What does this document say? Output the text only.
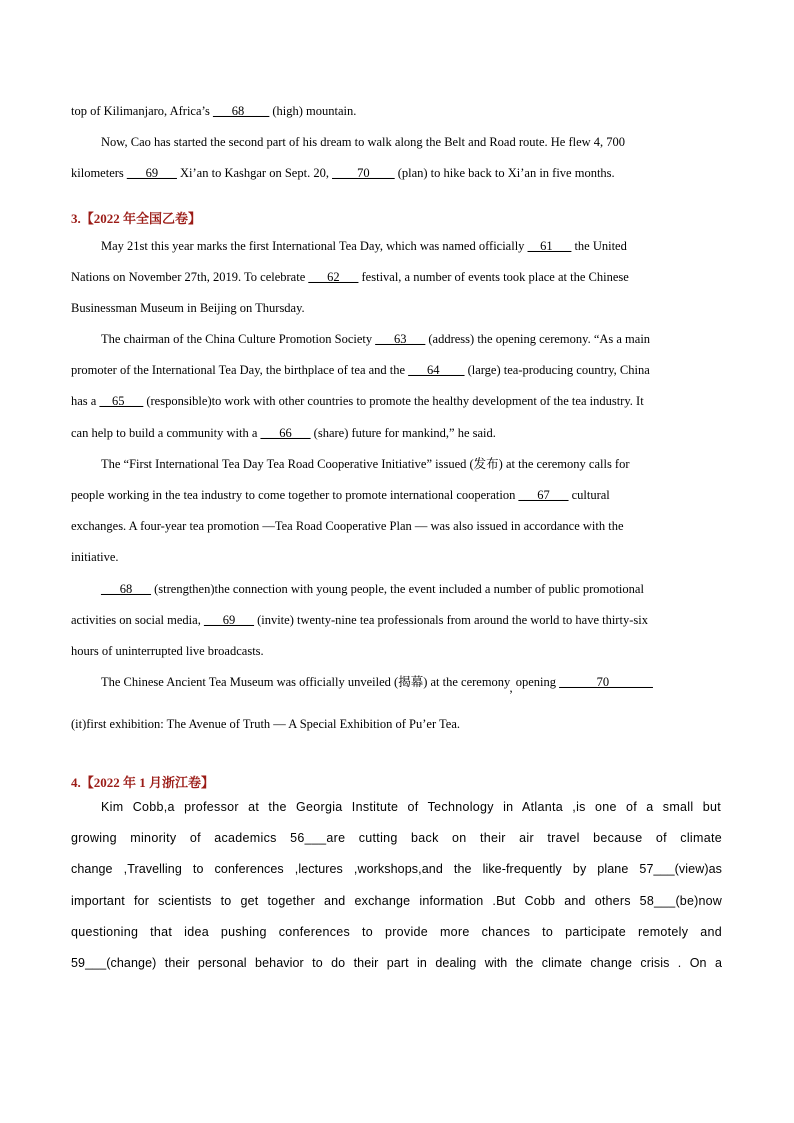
top of Kilimanjaro, Africa’s ___68____ (high) mountain.
Now, Cao has started the second part of his dream to walk along the Belt and Road route. He flew 4, 700
kilometers ___69___ Xi’an to Kashgar on Sept. 20, ____70____ (plan) to hike back to Xi’an in five months.
3.【2022 年全国乙卷】
May 21st this year marks the first International Tea Day, which was named officially __61___ the United
Nations on November 27th, 2019. To celebrate ___62___ festival, a number of events took place at the Chinese
Businessman Museum in Beijing on Thursday.
The chairman of the China Culture Promotion Society ___63___ (address) the opening ceremony. “As a main
promoter of the International Tea Day, the birthplace of tea and the ___64____ (large) tea-producing country, China
has a __65___ (responsible)to work with other countries to promote the healthy development of the tea industry. It
can help to build a community with a ___66___ (share) future for mankind,” he said.
The “First International Tea Day Tea Road Cooperative Initiative” issued (发布) at the ceremony calls for
people working in the tea industry to come together to promote international cooperation ___67___ cultural
exchanges. A four-year tea promotion —Tea Road Cooperative Plan — was also issued in accordance with the
initiative.
___68___ (strengthen)the connection with young people, the event included a number of public promotional
activities on social media, ___69___ (invite) twenty-nine tea professionals from around the world to have thirty-six
hours of uninterrupted live broadcasts.
The Chinese Ancient Tea Museum was officially unveiled (揭幕) at the ceremony, opening ______70_______
(it)first exhibition: The Avenue of Truth — A Special Exhibition of Pu’er Tea.
4.【2022 年 1 月浙江卷】
Kim Cobb,a professor at the Georgia Institute of Technology in Atlanta ,is one of a small but
growing minority of academics 56___are cutting back on their air travel because of climate
change ,Travelling to conferences ,lectures ,workshops,and the like-frequently by plane 57___(view)as
important for scientists to get together and exchange information .But Cobb and others 58___(be)now
questioning that idea pushing conferences to provide more chances to participate remotely and
59___(change) their personal behavior to do their part in dealing with the climate change crisis . On a
